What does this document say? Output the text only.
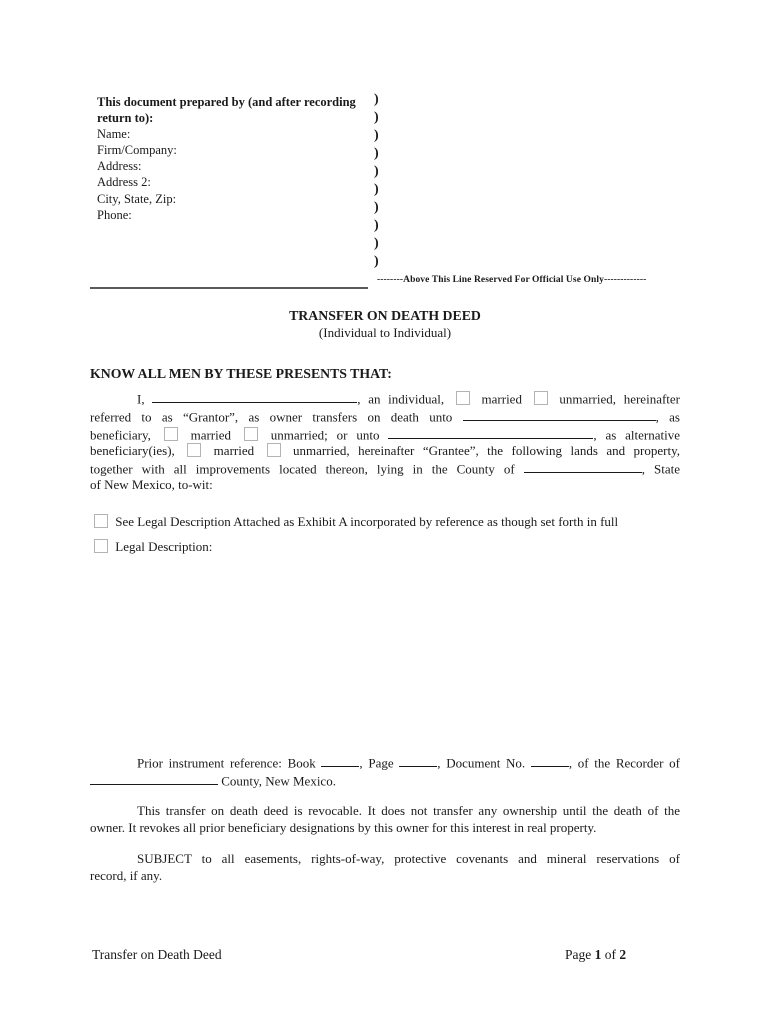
This document prepared by (and after recording
return to):
Name:
Firm/Company:
Address:
Address 2:
City, State, Zip:
Phone:
)
)
)
)
)
)
)
)
)
)
--------Above This Line Reserved For Official Use Only-------------
TRANSFER ON DEATH DEED
(Individual to Individual)
KNOW ALL MEN BY THESE PRESENTS THAT:
I,	, an individual,  married  unmarried, hereinafter
referred to as “Grantor”, as owner transfers on death unto	, as
beneficiary,  married  unmarried; or unto	, as alternative
beneficiary(ies),  married  unmarried, hereinafter “Grantee”, the following lands and property,
together with all improvements located thereon, lying in the County of	, State
of New Mexico, to-wit:
See Legal Description Attached as Exhibit A incorporated by reference as though set forth in full
Legal Description:
Prior instrument reference: Book	, Page	, Document No.	, of the Recorder of
County, New Mexico.
This transfer on death deed is revocable. It does not transfer any ownership until the death of the
owner. It revokes all prior beneficiary designations by this owner for this interest in real property.
SUBJECT to all easements, rights-of-way, protective covenants and mineral reservations of
record, if any.
Transfer on Death Deed	Page 1 of 2
